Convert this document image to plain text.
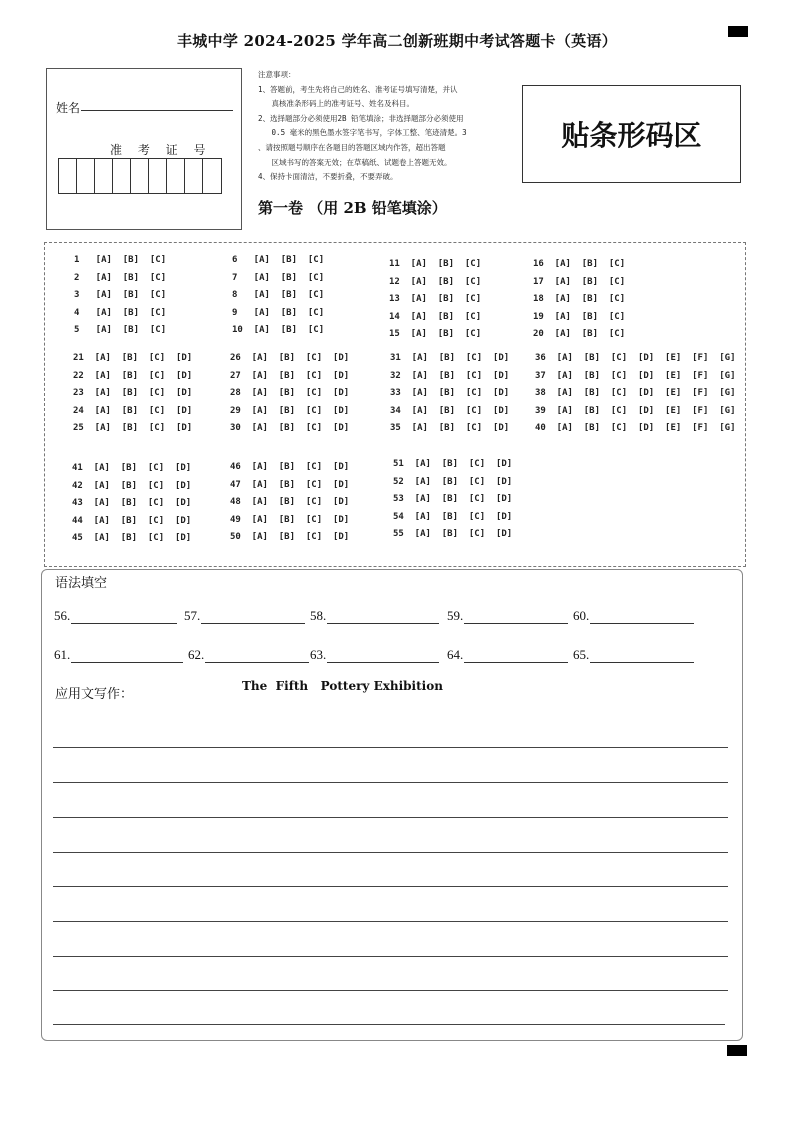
丰城中学 2024-2025 学年高二创新班期中考试答题卡（英语）
姓名
准 考 证 号
注意事项：
1、答题前，考生先将自己的姓名、准考证号填写清楚，并认
真核准条形码上的准考证号、姓名及科目。
2、选择题部分必须使用2B 铅笔填涂；非选择题部分必须使用
0.5 毫米的黑色墨水签字笔书写，字体工整、笔迹清楚。3
、请按照题号顺序在各题目的答题区域内作答，超出答题
区域书写的答案无效；在草稿纸、试题卷上答题无效。
4、保持卡面清洁，不要折叠，不要弄破。
贴条形码区
第一卷 （用 2B 铅笔填涂）
1   [A]  [B]  [C]
2   [A]  [B]  [C]
3   [A]  [B]  [C]
4   [A]  [B]  [C]
5   [A]  [B]  [C]
6   [A]  [B]  [C]
7   [A]  [B]  [C]
8   [A]  [B]  [C]
9   [A]  [B]  [C]
10  [A]  [B]  [C]
11  [A]  [B]  [C]
12  [A]  [B]  [C]
13  [A]  [B]  [C]
14  [A]  [B]  [C]
15  [A]  [B]  [C]
16  [A]  [B]  [C]
17  [A]  [B]  [C]
18  [A]  [B]  [C]
19  [A]  [B]  [C]
20  [A]  [B]  [C]
21  [A]  [B]  [C]  [D]
22  [A]  [B]  [C]  [D]
23  [A]  [B]  [C]  [D]
24  [A]  [B]  [C]  [D]
25  [A]  [B]  [C]  [D]
26  [A]  [B]  [C]  [D]
27  [A]  [B]  [C]  [D]
28  [A]  [B]  [C]  [D]
29  [A]  [B]  [C]  [D]
30  [A]  [B]  [C]  [D]
31  [A]  [B]  [C]  [D]
32  [A]  [B]  [C]  [D]
33  [A]  [B]  [C]  [D]
34  [A]  [B]  [C]  [D]
35  [A]  [B]  [C]  [D]
36  [A]  [B]  [C]  [D]  [E]  [F]  [G]
37  [A]  [B]  [C]  [D]  [E]  [F]  [G]
38  [A]  [B]  [C]  [D]  [E]  [F]  [G]
39  [A]  [B]  [C]  [D]  [E]  [F]  [G]
40  [A]  [B]  [C]  [D]  [E]  [F]  [G]
41  [A]  [B]  [C]  [D]
42  [A]  [B]  [C]  [D]
43  [A]  [B]  [C]  [D]
44  [A]  [B]  [C]  [D]
45  [A]  [B]  [C]  [D]
46  [A]  [B]  [C]  [D]
47  [A]  [B]  [C]  [D]
48  [A]  [B]  [C]  [D]
49  [A]  [B]  [C]  [D]
50  [A]  [B]  [C]  [D]
51  [A]  [B]  [C]  [D]
52  [A]  [B]  [C]  [D]
53  [A]  [B]  [C]  [D]
54  [A]  [B]  [C]  [D]
55  [A]  [B]  [C]  [D]
语法填空
56.	57.	58.	59.	60.
61.	62.	63.	64.	65.
应用文写作：
The  Fifth   Pottery Exhibition
